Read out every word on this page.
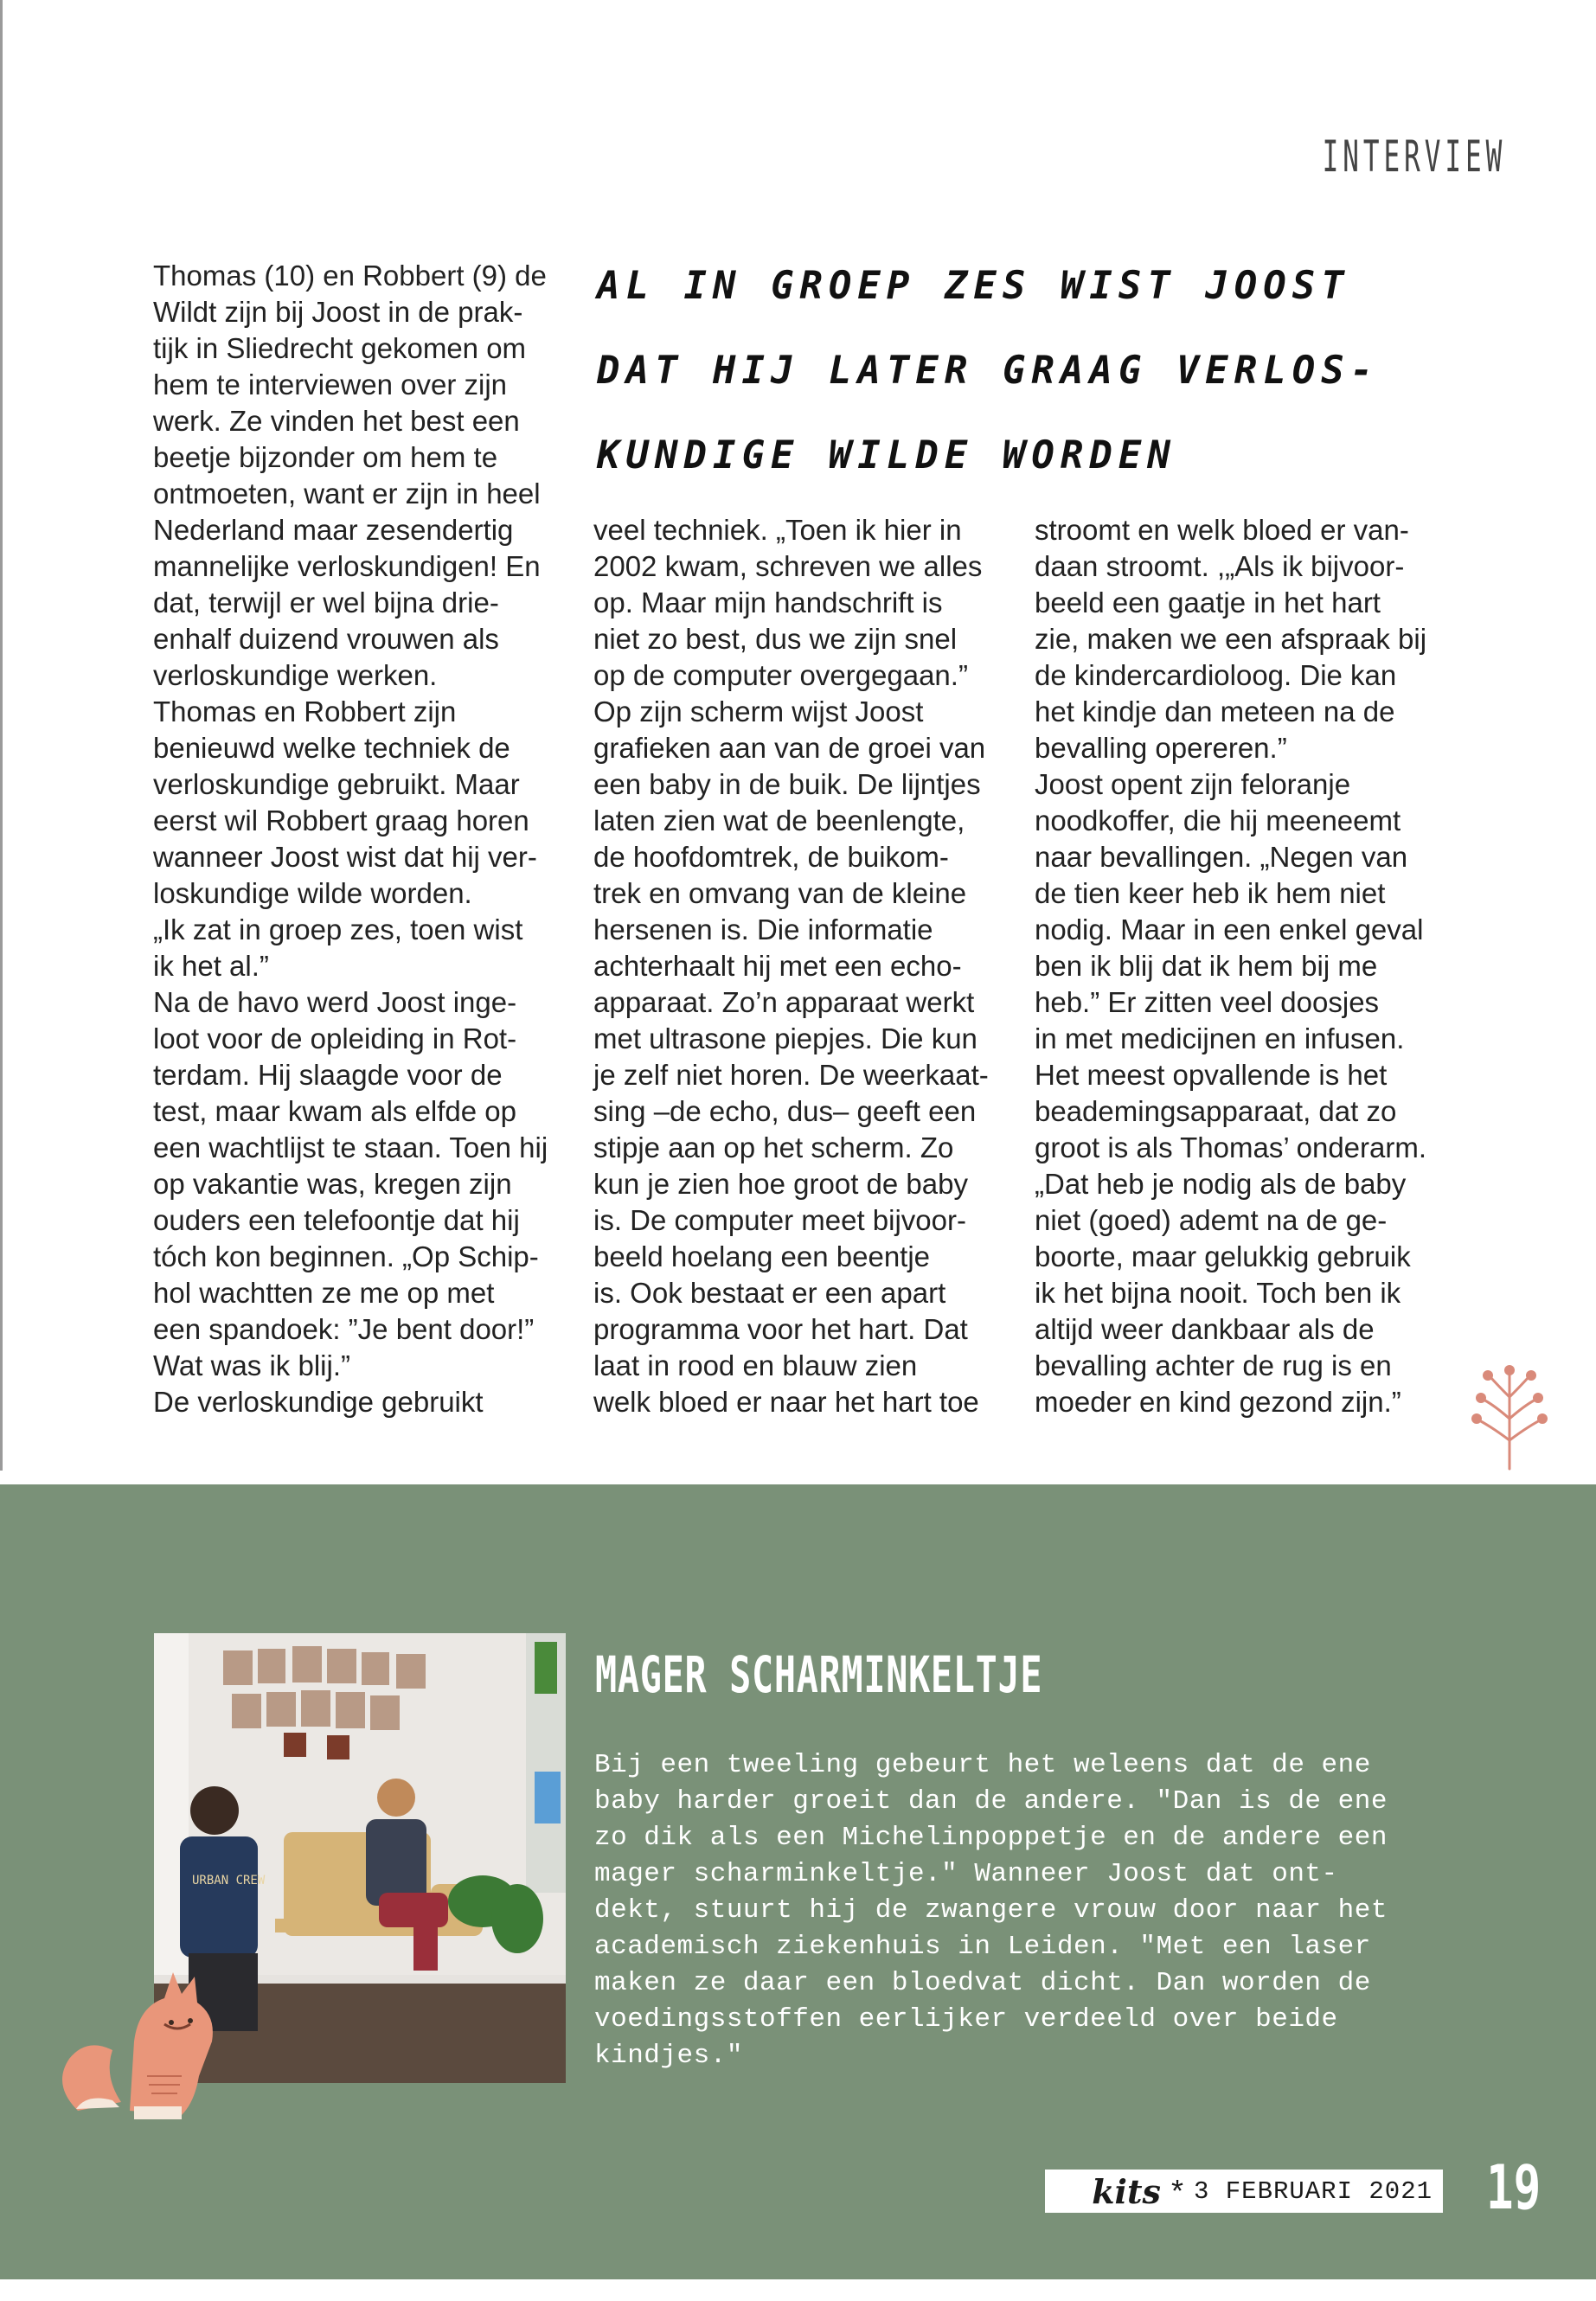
INTERVIEW
Thomas (10) en Robbert (9) de
Wildt zijn bij Joost in de prak-
tijk in Sliedrecht gekomen om
hem te interviewen over zijn
werk. Ze vinden het best een
beetje bijzonder om hem te
ontmoeten, want er zijn in heel
Nederland maar zesendertig
mannelijke verloskundigen! En
dat, terwijl er wel bijna drie-
enhalf duizend vrouwen als
verloskundige werken.
Thomas en Robbert zijn
benieuwd welke techniek de
verloskundige gebruikt. Maar
eerst wil Robbert graag horen
wanneer Joost wist dat hij ver-
loskundige wilde worden.
„Ik zat in groep zes, toen wist
ik het al.”
Na de havo werd Joost inge-
loot voor de opleiding in Rot-
terdam. Hij slaagde voor de
test, maar kwam als elfde op
een wachtlijst te staan. Toen hij
op vakantie was, kregen zijn
ouders een telefoontje dat hij
tóch kon beginnen. „Op Schip-
hol wachtten ze me op met
een spandoek: ”Je bent door!”
Wat was ik blij.”
De verloskundige gebruikt
AL IN GROEP ZES WIST JOOST
DAT HIJ LATER GRAAG VERLOS-
KUNDIGE WILDE WORDEN
veel techniek. „Toen ik hier in
2002 kwam, schreven we alles
op. Maar mijn handschrift is
niet zo best, dus we zijn snel
op de computer overgegaan.”
Op zijn scherm wijst Joost
grafieken aan van de groei van
een baby in de buik. De lijntjes
laten zien wat de beenlengte,
de hoofdomtrek, de buikom-
trek en omvang van de kleine
hersenen is. Die informatie
achterhaalt hij met een echo-
apparaat. Zo’n apparaat werkt
met ultrasone piepjes. Die kun
je zelf niet horen. De weerkaat-
sing –de echo, dus– geeft een
stipje aan op het scherm. Zo
kun je zien hoe groot de baby
is. De computer meet bijvoor-
beeld hoelang een beentje
is. Ook bestaat er een apart
programma voor het hart. Dat
laat in rood en blauw zien
welk bloed er naar het hart toe
stroomt en welk bloed er van-
daan stroomt. ,„Als ik bijvoor-
beeld een gaatje in het hart
zie, maken we een afspraak bij
de kindercardioloog. Die kan
het kindje dan meteen na de
bevalling opereren.”
Joost opent zijn feloranje
noodkoffer, die hij meeneemt
naar bevallingen. „Negen van
de tien keer heb ik hem niet
nodig. Maar in een enkel geval
ben ik blij dat ik hem bij me
heb.” Er zitten veel doosjes
in met medicijnen en infusen.
Het meest opvallende is het
beademingsapparaat, dat zo
groot is als Thomas’ onderarm.
„Dat heb je nodig als de baby
niet (goed) ademt na de ge-
boorte, maar gelukkig gebruik
ik het bijna nooit. Toch ben ik
altijd weer dankbaar als de
bevalling achter de rug is en
moeder en kind gezond zijn.”
URBAN CREW
MAGER SCHARMINKELTJE
Bij een tweeling gebeurt het weleens dat de ene
baby harder groeit dan de andere. "Dan is de ene
zo dik als een Michelinpoppetje en de andere een
mager scharminkeltje." Wanneer Joost dat ont-
dekt, stuurt hij de zwangere vrouw door naar het
academisch ziekenhuis in Leiden. "Met een laser
maken ze daar een bloedvat dicht. Dan worden de
voedingsstoffen eerlijker verdeeld over beide
kindjes."
kits * 3 FEBRUARI 2021 19
